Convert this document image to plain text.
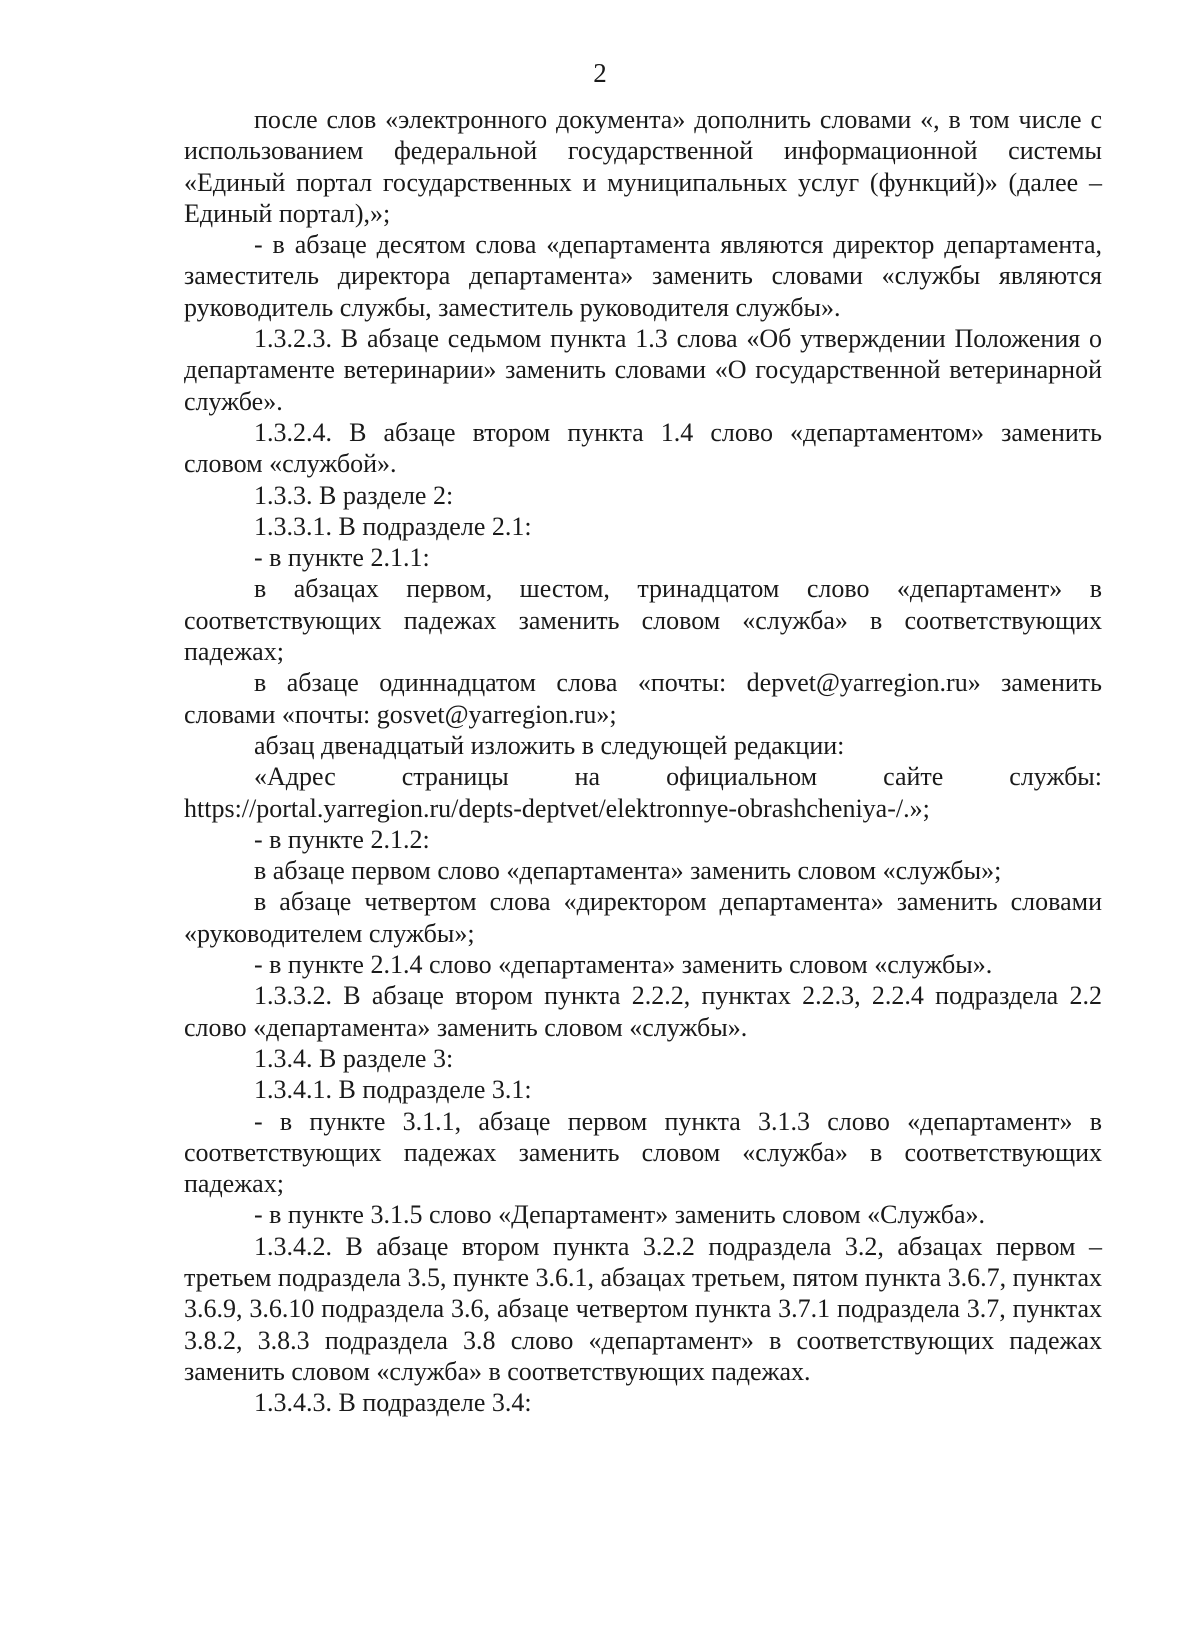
2

после слов «электронного документа» дополнить словами «, в том числе с использованием федеральной государственной информационной системы «Единый портал государственных и муниципальных услуг (функций)» (далее – Единый портал),»;

- в абзаце десятом слова «департамента являются директор департамента, заместитель директора департамента» заменить словами «службы являются руководитель службы, заместитель руководителя службы».

1.3.2.3. В абзаце седьмом пункта 1.3 слова «Об утверждении Положения о департаменте ветеринарии» заменить словами «О государственной ветеринарной службе».

1.3.2.4. В абзаце втором пункта 1.4 слово «департаментом» заменить словом «службой».

1.3.3. В разделе 2:

1.3.3.1. В подразделе 2.1:

- в пункте 2.1.1:

в абзацах первом, шестом, тринадцатом слово «департамент» в соответствующих падежах заменить словом «служба» в соответствующих падежах;

в абзаце одиннадцатом слова «почты: depvet@yarregion.ru» заменить словами «почты: gosvet@yarregion.ru»;

абзац двенадцатый изложить в следующей редакции:

«Адрес страницы на официальном сайте службы: https://portal.yarregion.ru/depts-deptvet/elektronnye-obrashcheniya-/.»;

- в пункте 2.1.2:

в абзаце первом слово «департамента» заменить словом «службы»;

в абзаце четвертом слова «директором департамента» заменить словами «руководителем службы»;

- в пункте 2.1.4 слово «департамента» заменить словом «службы».

1.3.3.2. В абзаце втором пункта 2.2.2, пунктах 2.2.3, 2.2.4 подраздела 2.2 слово «департамента» заменить словом «службы».

1.3.4. В разделе 3:

1.3.4.1. В подразделе 3.1:

- в пункте 3.1.1, абзаце первом пункта 3.1.3 слово «департамент» в соответствующих падежах заменить словом «служба» в соответствующих падежах;

- в пункте 3.1.5 слово «Департамент» заменить словом «Служба».

1.3.4.2. В абзаце втором пункта 3.2.2 подраздела 3.2, абзацах первом – третьем подраздела 3.5, пункте 3.6.1, абзацах третьем, пятом пункта 3.6.7, пунктах 3.6.9, 3.6.10 подраздела 3.6, абзаце четвертом пункта 3.7.1 подраздела 3.7, пунктах 3.8.2, 3.8.3 подраздела 3.8 слово «департамент» в соответствующих падежах заменить словом «служба» в соответствующих падежах.

1.3.4.3. В подразделе 3.4:
